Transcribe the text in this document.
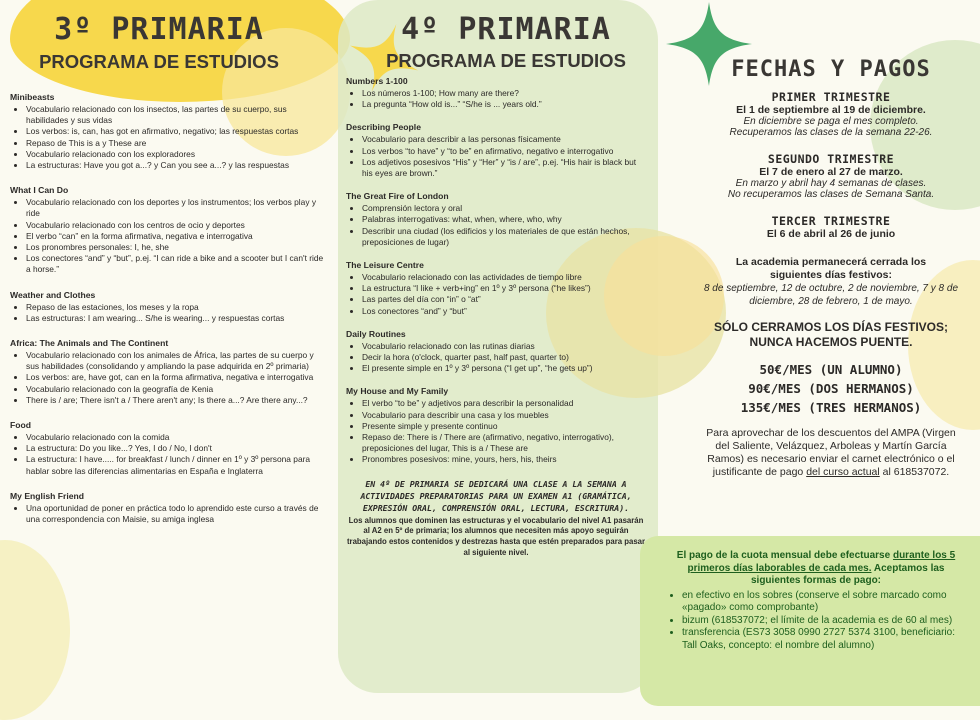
3º PRIMARIA
PROGRAMA DE ESTUDIOS
Minibeasts
• Vocabulario relacionado con los insectos, las partes de su cuerpo, sus habilidades y sus vidas
• Los verbos: is, can, has got en afirmativo, negativo; las respuestas cortas
• Repaso de This is a y These are
• Vocabulario relacionado con los exploradores
• La estructuras: Have you got a...? y Can you see a...? y las respuestas
What I Can Do
• Vocabulario relacionado con los deportes y los instrumentos; los verbos play y ride
• Vocabulario relacionado con los centros de ocio y deportes
• El verbo “can” en la forma afirmativa, negativa e interrogativa
• Los pronombres personales: I, he, she
• Los conectores “and” y “but”, p.ej. “I can ride a bike and a scooter but I can't ride a horse.”
Weather and Clothes
• Repaso de las estaciones, los meses y la ropa
• Las estructuras: I am wearing... S/he is wearing... y respuestas cortas
Africa: The Animals and The Continent
• Vocabulario relacionado con los animales de África, las partes de su cuerpo y sus habilidades (consolidando y ampliando la pase adquirida en 2º primaria)
• Los verbos: are, have got, can en la forma afirmativa, negativa e interrogativa
• Vocabulario relacionado con la geografía de Kenia
• There is / are; There isn't a / There aren't any; Is there a...? Are there any...?
Food
• Vocabulario relacionado con la comida
• La estructura: Do you like...? Yes, I do / No, I don't
• La estructura: I have..... for breakfast / lunch / dinner en 1º y 3º persona para hablar sobre las diferencias alimentarias en España e Inglaterra
My English Friend
• Una oportunidad de poner en práctica todo lo aprendido este curso a través de una correspondencia con Maisie, su amiga inglesa
4º PRIMARIA
PROGRAMA DE ESTUDIOS
Numbers 1-100
• Los números 1-100; How many are there?
• La pregunta “How old is...” “S/he is ... years old.”
Describing People
• Vocabulario para describir a las personas físicamente
• Los verbos “to have” y “to be” en afirmativo, negativo e interrogativo
• Los adjetivos posesivos “His” y “Her” y “is / are”, p.ej. “His hair is black but his eyes are brown.”
The Great Fire of London
• Comprensión lectora y oral
• Palabras interrogativas: what, when, where, who, why
• Describir una ciudad (los edificios y los materiales de que están hechos, preposiciones de lugar)
The Leisure Centre
• Vocabulario relacionado con las actividades de tiempo libre
• La estructura “I like + verb+ing” en 1º y 3º persona (“he likes”)
• Las partes del día con “in” o “at”
• Los conectores “and” y “but”
Daily Routines
• Vocabulario relacionado con las rutinas diarias
• Decir la hora (o'clock, quarter past, half past, quarter to)
• El presente simple en 1º y 3º persona (“I get up”, “he gets up”)
My House and My Family
• El verbo “to be” y adjetivos para describir la personalidad
• Vocabulario para describir una casa y los muebles
• Presente simple y presente continuo
• Repaso de: There is / There are (afirmativo, negativo, interrogativo), preposiciones del lugar, This is a / These are
• Pronombres posesivos: mine, yours, hers, his, theirs
EN 4º DE PRIMARIA SE DEDICARÁ UNA CLASE A LA SEMANA A ACTIVIDADES PREPARATORIAS PARA UN EXAMEN A1 (GRAMÁTICA, EXPRESIÓN ORAL, COMPRENSIÓN ORAL, LECTURA, ESCRITURA).
Los alumnos que dominen las estructuras y el vocabulario del nivel A1 pasarán al A2 en 5º de primaria; los alumnos que necesiten más apoyo seguirán trabajando estos contenidos y destrezas hasta que estén preparados para pasar al siguiente nivel.
FECHAS Y PAGOS
PRIMER TRIMESTRE
El 1 de septiembre al 19 de diciembre.
En diciembre se paga el mes completo.
Recuperamos las clases de la semana 22-26.
SEGUNDO TRIMESTRE
El 7 de enero al 27 de marzo.
En marzo y abril hay 4 semanas de clases.
No recuperamos las clases de Semana Santa.
TERCER TRIMESTRE
El 6 de abril al 26 de junio
La academia permanecerá cerrada los siguientes días festivos:
8 de septiembre, 12 de octubre, 2 de noviembre, 7 y 8 de diciembre, 28 de febrero, 1 de mayo.
SÓLO CERRAMOS LOS DÍAS FESTIVOS;
NUNCA HACEMOS PUENTE.
50€/MES (UN ALUMNO)
90€/MES (DOS HERMANOS)
135€/MES (TRES HERMANOS)
Para aprovechar de los descuentos del AMPA (Virgen del Saliente, Velázquez, Arboleas y Martín García Ramos) es necesario enviar el carnet electrónico o el justificante de pago del curso actual al 618537072.
El pago de la cuota mensual debe efectuarse durante los 5 primeros días laborables de cada mes. Aceptamos las siguientes formas de pago:
• en efectivo en los sobres (conserve el sobre marcado como «pagado» como comprobante)
• bizum (618537072; el límite de la academia es de 60 al mes)
• transferencia (ES73 3058 0990 2727 5374 3100, beneficiario: Tall Oaks, concepto: el nombre del alumno)
